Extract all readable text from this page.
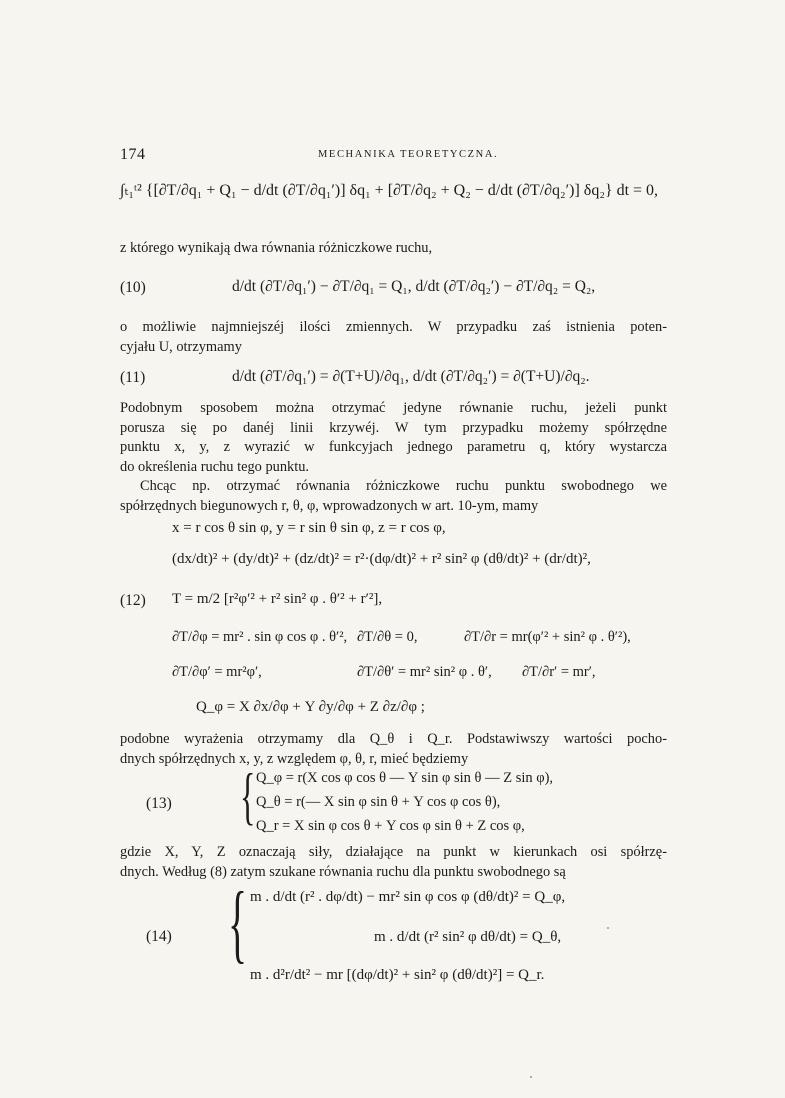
174	MECHANIKA TEORETYCZNA.
∫ₜ₁ᵗ² {[∂T/∂q₁ + Q₁ − d/dt (∂T/∂q₁′)] δq₁ + [∂T/∂q₂ + Q₂ − d/dt (∂T/∂q₂′)] δq₂} dt = 0,
z którego wynikają dwa równania różniczkowe ruchu,
(10)	d/dt (∂T/∂q₁′) − ∂T/∂q₁ = Q₁, d/dt (∂T/∂q₂′) − ∂T/∂q₂ = Q₂,
o możliwie najmniejszéj ilości zmiennych. W przypadku zaś istnienia poten-
cyjału U, otrzymamy
(11)	d/dt (∂T/∂q₁′) = ∂(T+U)/∂q₁, d/dt (∂T/∂q₂′) = ∂(T+U)/∂q₂.
Podobnym sposobem można otrzymać jedyne równanie ruchu, jeżeli punkt
porusza się po danéj linii krzywéj. W tym przypadku możemy spółrzędne
punktu x, y, z wyrazić w funkcyjach jednego parametru q, który wystarcza
do określenia ruchu tego punktu.
Chcąc np. otrzymać równania różniczkowe ruchu punktu swobodnego we
spółrzędnych biegunowych r, θ, φ, wprowadzonych w art. 10-ym, mamy
x = r cos θ sin φ, y = r sin θ sin φ, z = r cos φ,
(dx/dt)² + (dy/dt)² + (dz/dt)² = r²·(dφ/dt)² + r² sin² φ (dθ/dt)² + (dr/dt)²,
(12) T = m/2 [r²φ′² + r² sin² φ . θ′² + r′²],
∂T/∂φ = mr² . sin φ cos φ . θ′², ∂T/∂θ = 0,	∂T/∂r = mr(φ′² + sin² φ . θ′²),
∂T/∂φ′ = mr²φ′,	∂T/∂θ′ = mr² sin² φ . θ′, ∂T/∂r′ = mr′,
Q_φ = X ∂x/∂φ + Y ∂y/∂φ + Z ∂z/∂φ ;
podobne wyrażenia otrzymamy dla Q_θ i Q_r. Podstawiwszy wartości pocho-
dnych spółrzędnych x, y, z względem φ, θ, r, mieć będziemy
(13) { Q_φ = r(X cos φ cos θ — Y sin φ sin θ — Z sin φ),
Q_θ = r(— X sin φ sin θ + Y cos φ cos θ),
Q_r = X sin φ cos θ + Y cos φ sin θ + Z cos φ,
gdzie X, Y, Z oznaczają siły, działające na punkt w kierunkach osi spółrzę-
dnych. Według (8) zatym szukane równania ruchu dla punktu swobodnego są
(14) { m . d/dt (r² . dφ/dt) − mr² sin φ cos φ (dθ/dt)² = Q_φ,
m . d/dt (r² sin² φ dθ/dt) = Q_θ,
m . d²r/dt² − mr [(dφ/dt)² + sin² φ (dθ/dt)²] = Q_r.
